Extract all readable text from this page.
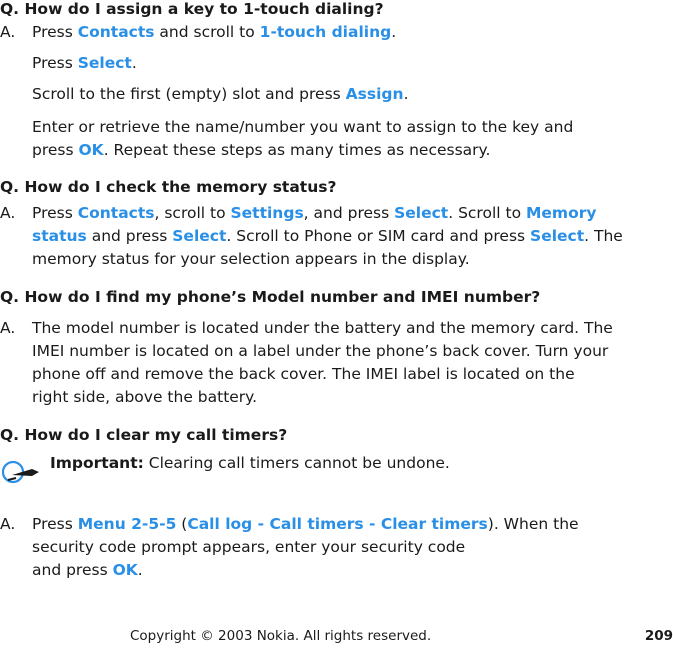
Q. How do I assign a key to 1-touch dialing?
A. Press Contacts and scroll to 1-touch dialing.
Press Select.
Scroll to the first (empty) slot and press Assign.
Enter or retrieve the name/number you want to assign to the key and
press OK. Repeat these steps as many times as necessary.
Q. How do I check the memory status?
A. Press Contacts, scroll to Settings, and press Select. Scroll to Memory
status and press Select. Scroll to Phone or SIM card and press Select. The
memory status for your selection appears in the display.
Q. How do I find my phone’s Model number and IMEI number?
A. The model number is located under the battery and the memory card. The
IMEI number is located on a label under the phone’s back cover. Turn your
phone off and remove the back cover. The IMEI label is located on the
right side, above the battery.
Q. How do I clear my call timers?
Important: Clearing call timers cannot be undone.
A. Press Menu 2-5-5 (Call log - Call timers - Clear timers). When the
security code prompt appears, enter your security code
and press OK.
Copyright © 2003 Nokia. All rights reserved.	209
